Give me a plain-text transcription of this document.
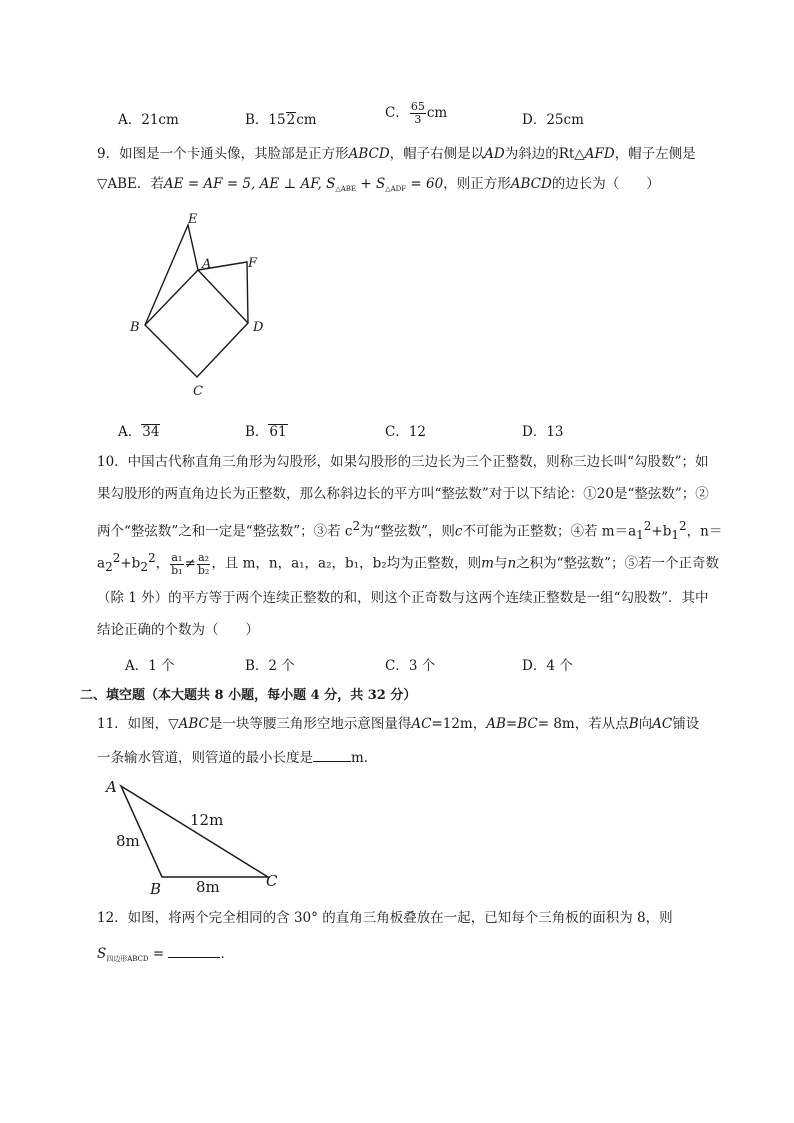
A．21cm	B．152cm	C． $\frac{65}{3}$ cm	D．25cm
9．如图是一个卡通头像，其脸部是正方形ABCD，帽子右侧是以AD为斜边的Rt△AFD，帽子左侧是
▽ABE．若AE = AF = 5, AE ⊥ AF, $S_{\triangle ABE} + S_{\triangle ADF} = 60$，则正方形ABCD的边长为（　　）
E
A	F
B	D
C
A．34	B．61	C．12	D．13
10．中国古代称直角三角形为勾股形，如果勾股形的三边长为三个正整数，则称三边长叫“勾股数”；如
果勾股形的两直角边长为正整数，那么称斜边长的平方叫“整弦数”对于以下结论：①20是“整弦数”；②
两个“整弦数”之和一定是“整弦数”；③若 $c^2$为“整弦数”，则c不可能为正整数；④若 $m=a_1^2+b_1^2$，n＝
$a_2^2+b_2^2$， $\frac{\text{a₁}}{\text{b₁}} \ne \frac{\text{a₂}}{\text{b₂}}$ ，且 m，n，a₁，a₂，b₁，b₂均为正整数，则m与n之积为“整弦数”；⑤若一个正奇数
（除 1 外）的平方等于两个连续正整数的和，则这个正奇数与这两个连续正整数是一组“勾股数”．其中
结论正确的个数为（　　）
A．1 个	B．2 个	C．3 个	D．4 个
二、填空题（本大题共 8 小题，每小题 4 分，共 32 分）
11．如图，▽ABC是一块等腰三角形空地示意图量得AC=12m，AB=BC= 8m，若从点B向AC铺设
一条输水管道，则管道的最小长度是	m．
A
B	C
12m
8m
8m
12．如图，将两个完全相同的含 30° 的直角三角板叠放在一起，已知每个三角板的面积为 8，则
$S_{四边形ABCD}$ =	．
